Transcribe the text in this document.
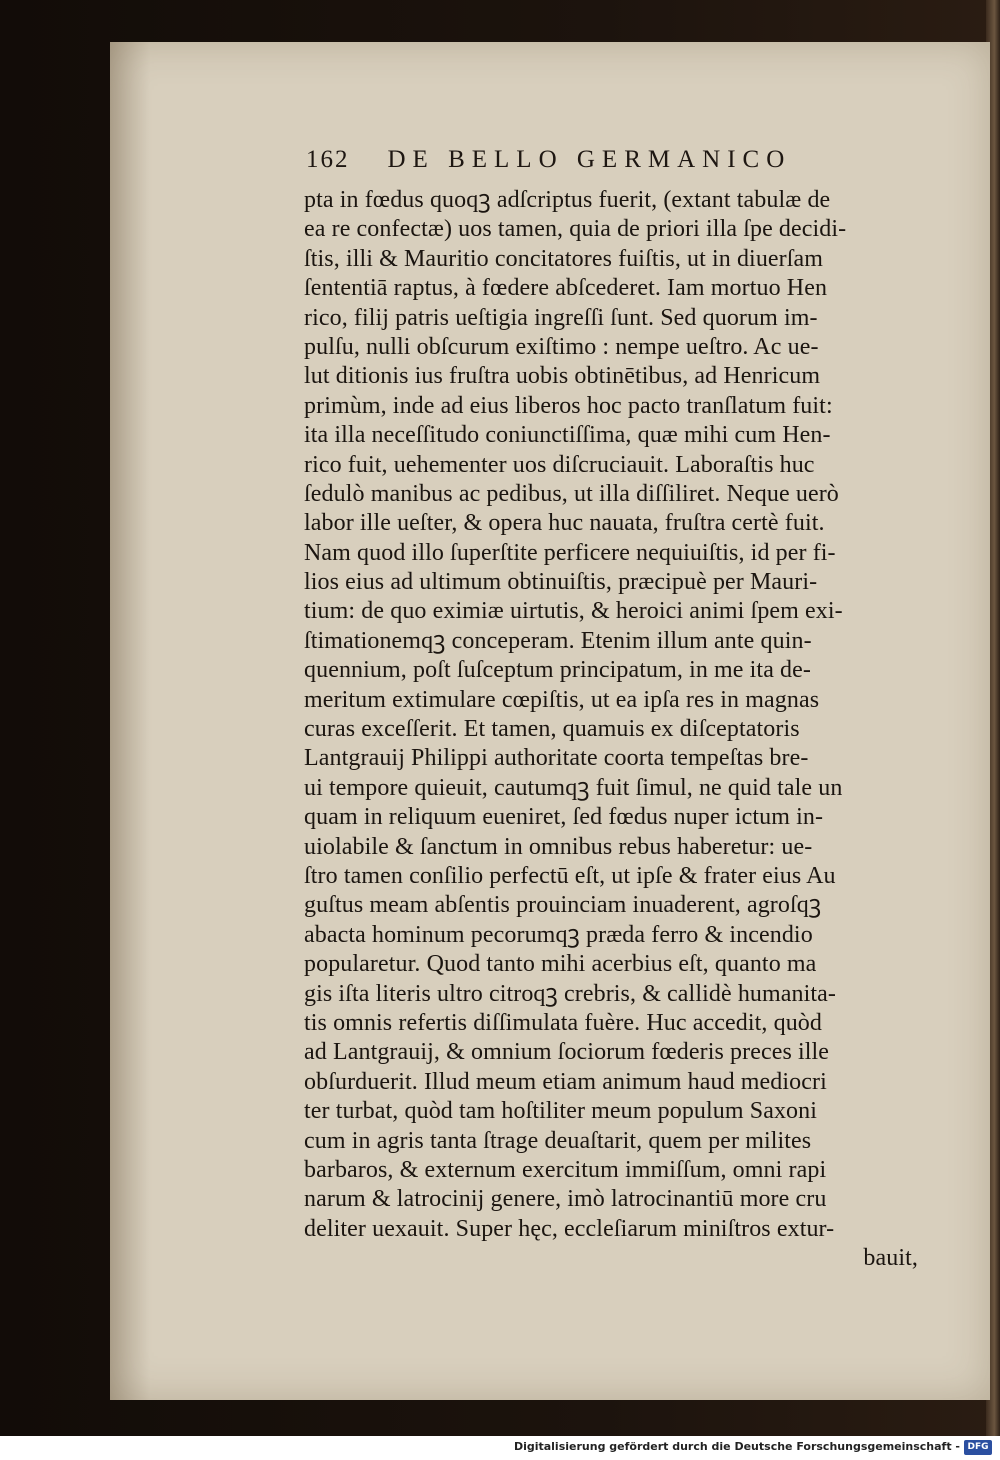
162 DE BELLO GERMANICO
pta in fœdus quoqꝫ adſcriptus fuerit, (extant tabulæ de
ea re confectæ) uos tamen, quia de priori illa ſpe decidi-
ſtis, illi & Mauritio concitatores fuiſtis, ut in diuerſam
ſententiā raptus, à fœdere abſcederet. Iam mortuo Hen
rico, filij patris ueſtigia ingreſſi ſunt. Sed quorum im-
pulſu, nulli obſcurum exiſtimo : nempe ueſtro. Ac ue-
lut ditionis ius fruſtra uobis obtinētibus, ad Henricum
primùm, inde ad eius liberos hoc pacto tranſlatum fuit:
ita illa neceſſitudo coniunctiſſima, quæ mihi cum Hen-
rico fuit, uehementer uos diſcruciauit. Laboraſtis huc
ſedulò manibus ac pedibus, ut illa diſſiliret. Neque uerò
labor ille ueſter, & opera huc nauata, fruſtra certè fuit.
Nam quod illo ſuperſtite perficere nequiuiſtis, id per fi-
lios eius ad ultimum obtinuiſtis, præcipuè per Mauri-
tium: de quo eximiæ uirtutis, & heroici animi ſpem exi-
ſtimationemqꝫ conceperam. Etenim illum ante quin-
quennium, poſt ſuſceptum principatum, in me ita de-
meritum extimulare cœpiſtis, ut ea ipſa res in magnas
curas exceſſerit. Et tamen, quamuis ex diſceptatoris
Lantgrauij Philippi authoritate coorta tempeſtas bre-
ui tempore quieuit, cautumqꝫ fuit ſimul, ne quid tale un
quam in reliquum eueniret, ſed fœdus nuper ictum in-
uiolabile & ſanctum in omnibus rebus haberetur: ue-
ſtro tamen conſilio perfectū eſt, ut ipſe & frater eius Au
guſtus meam abſentis prouinciam inuaderent, agroſqꝫ
abacta hominum pecorumqꝫ præda ferro & incendio
popularetur. Quod tanto mihi acerbius eſt, quanto ma
gis iſta literis ultro citroqꝫ crebris, & callidè humanita-
tis omnis refertis diſſimulata fuère. Huc accedit, quòd
ad Lantgrauij, & omnium ſociorum fœderis preces ille
obſurduerit. Illud meum etiam animum haud mediocri
ter turbat, quòd tam hoſtiliter meum populum Saxoni
cum in agris tanta ſtrage deuaſtarit, quem per milites
barbaros, & externum exercitum immiſſum, omni rapi
narum & latrocinij genere, imò latrocinantiū more cru
deliter uexauit. Super hęc, eccleſiarum miniſtros extur-
bauit,
Digitalisierung gefördert durch die Deutsche Forschungsgemeinschaft - DFG
